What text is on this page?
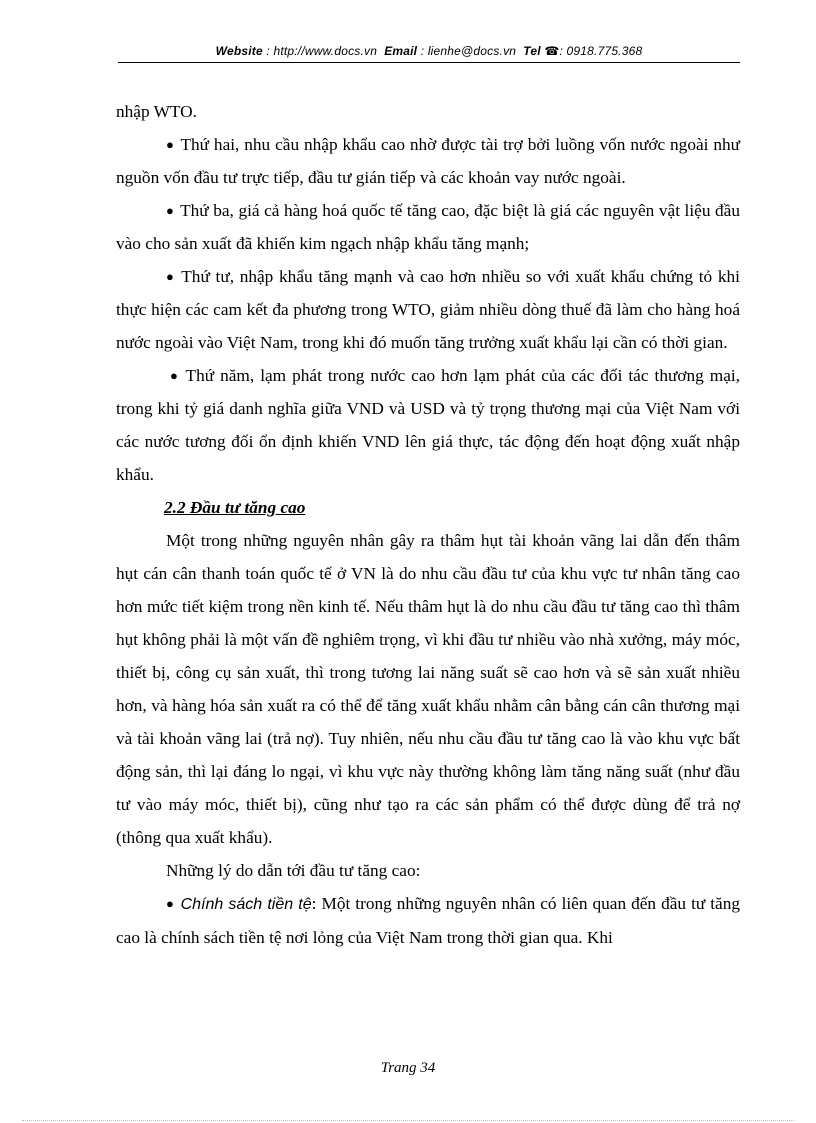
Website : http://www.docs.vn Email : lienhe@docs.vn Tel ☎: 0918.775.368

nhập WTO.

● Thứ hai, nhu cầu nhập khẩu cao nhờ được tài trợ bởi luồng vốn nước ngoài như nguồn vốn đầu tư trực tiếp, đầu tư gián tiếp và các khoản vay nước ngoài.

● Thứ ba, giá cả hàng hoá quốc tế tăng cao, đặc biệt là giá các nguyên vật liệu đầu vào cho sản xuất đã khiến kim ngạch nhập khẩu tăng mạnh;

● Thứ tư, nhập khẩu tăng mạnh và cao hơn nhiều so với xuất khẩu chứng tỏ khi thực hiện các cam kết đa phương trong WTO, giảm nhiều dòng thuế đã làm cho hàng hoá nước ngoài vào Việt Nam, trong khi đó muốn tăng trưởng xuất khẩu lại cần có thời gian.

● Thứ năm, lạm phát trong nước cao hơn lạm phát của các đối tác thương mại, trong khi tỷ giá danh nghĩa giữa VND và USD và tỷ trọng thương mại của Việt Nam với các nước tương đối ổn định khiến VND lên giá thực, tác động đến hoạt động xuất nhập khẩu.

2.2 Đầu tư tăng cao

Một trong những nguyên nhân gây ra thâm hụt tài khoản vãng lai dẫn đến thâm hụt cán cân thanh toán quốc tế ở VN là do nhu cầu đầu tư của khu vực tư nhân tăng cao hơn mức tiết kiệm trong nền kinh tế. Nếu thâm hụt là do nhu cầu đầu tư tăng cao thì thâm hụt không phải là một vấn đề nghiêm trọng, vì khi đầu tư nhiều vào nhà xưởng, máy móc, thiết bị, công cụ sản xuất, thì trong tương lai năng suất sẽ cao hơn và sẽ sản xuất nhiều hơn, và hàng hóa sản xuất ra có thể để tăng xuất khẩu nhằm cân bằng cán cân thương mại và tài khoản vãng lai (trả nợ). Tuy nhiên, nếu nhu cầu đầu tư tăng cao là vào khu vực bất động sản, thì lại đáng lo ngại, vì khu vực này thường không làm tăng năng suất (như đầu tư vào máy móc, thiết bị), cũng như tạo ra các sản phẩm có thể được dùng để trả nợ (thông qua xuất khẩu).

Những lý do dẫn tới đầu tư tăng cao:

● Chính sách tiền tệ: Một trong những nguyên nhân có liên quan đến đầu tư tăng cao là chính sách tiền tệ nơi lỏng của Việt Nam trong thời gian qua. Khi

Trang 34
